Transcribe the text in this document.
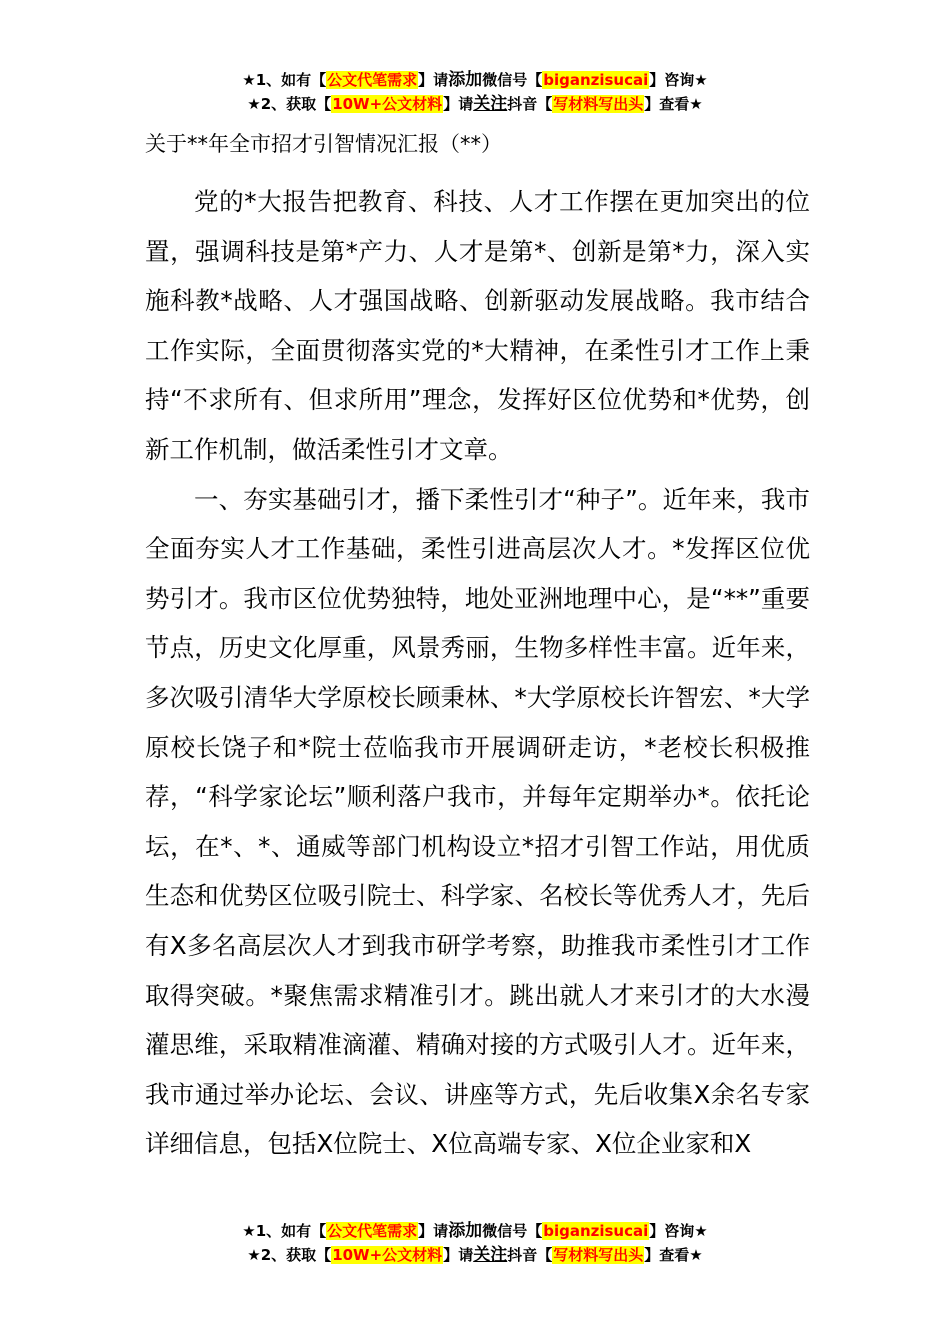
★1、如有【公文代笔需求】请添加微信号【biganzisucai】咨询★
★2、获取【10W+公文材料】请关注抖音【写材料写出头】查看★

关于**年全市招才引智情况汇报（**）

党的*大报告把教育、科技、人才工作摆在更加突出的位置，强调科技是第*产力、人才是第*、创新是第*力，深入实施科教*战略、人才强国战略、创新驱动发展战略。我市结合工作实际，全面贯彻落实党的*大精神，在柔性引才工作上秉持“不求所有、但求所用”理念，发挥好区位优势和*优势，创新工作机制，做活柔性引才文章。

一、夯实基础引才，播下柔性引才“种子”。近年来，我市全面夯实人才工作基础，柔性引进高层次人才。*发挥区位优势引才。我市区位优势独特，地处亚洲地理中心，是“**”重要节点，历史文化厚重，风景秀丽，生物多样性丰富。近年来，多次吸引清华大学原校长顾秉林、*大学原校长许智宏、*大学原校长饶子和*院士莅临我市开展调研走访，*老校长积极推荐，“科学家论坛”顺利落户我市，并每年定期举办*。依托论坛，在*、*、通威等部门机构设立*招才引智工作站，用优质生态和优势区位吸引院士、科学家、名校长等优秀人才，先后有X多名高层次人才到我市研学考察，助推我市柔性引才工作取得突破。*聚焦需求精准引才。跳出就人才来引才的大水漫灌思维，采取精准滴灌、精确对接的方式吸引人才。近年来，我市通过举办论坛、会议、讲座等方式，先后收集X余名专家详细信息，包括X位院士、X位高端专家、X位企业家和X

★1、如有【公文代笔需求】请添加微信号【biganzisucai】咨询★
★2、获取【10W+公文材料】请关注抖音【写材料写出头】查看★
